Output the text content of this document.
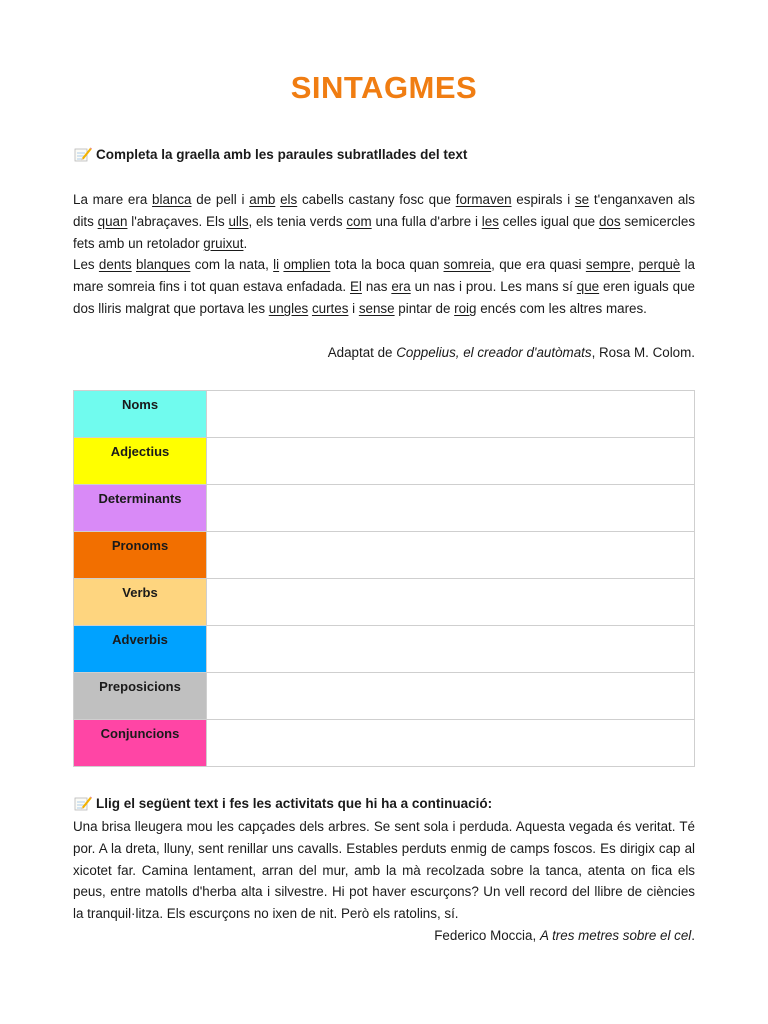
SINTAGMES
Completa la graella amb les paraules subratllades del text

La mare era blanca de pell i amb els cabells castany fosc que formaven espirals i se t'enganxaven als dits quan l'abraçaves. Els ulls, els tenia verds com una fulla d'arbre i les celles igual que dos semicercles fets amb un retolador gruixut.

Les dents blanques com la nata, li omplien tota la boca quan somreia, que era quasi sempre, perquè la mare somreia fins i tot quan estava enfadada. El nas era un nas i prou. Les mans sí que eren iguals que dos lliris malgrat que portava les ungles curtes i sense pintar de roig encés com les altres mares.

Adaptat de Coppelius, el creador d'autòmats, Rosa M. Colom.
Noms	
Adjectius	
Determinants	
Pronoms	
Verbs	
Adverbis	
Preposicions	
Conjuncions	
Llig el següent text i fes les activitats que hi ha a continuació:

Una brisa lleugera mou les capçades dels arbres. Se sent sola i perduda. Aquesta vegada és veritat. Té por. A la dreta, lluny, sent renillar uns cavalls. Estables perduts enmig de camps foscos. Es dirigix cap al xicotet far. Camina lentament, arran del mur, amb la mà recolzada sobre la tanca, atenta on fica els peus, entre matolls d'herba alta i silvestre. Hi pot haver escurçons? Un vell record del llibre de ciències la tranquil·litza. Els escurçons no ixen de nit. Però els ratolins, sí.

Federico Moccia, A tres metres sobre el cel.
